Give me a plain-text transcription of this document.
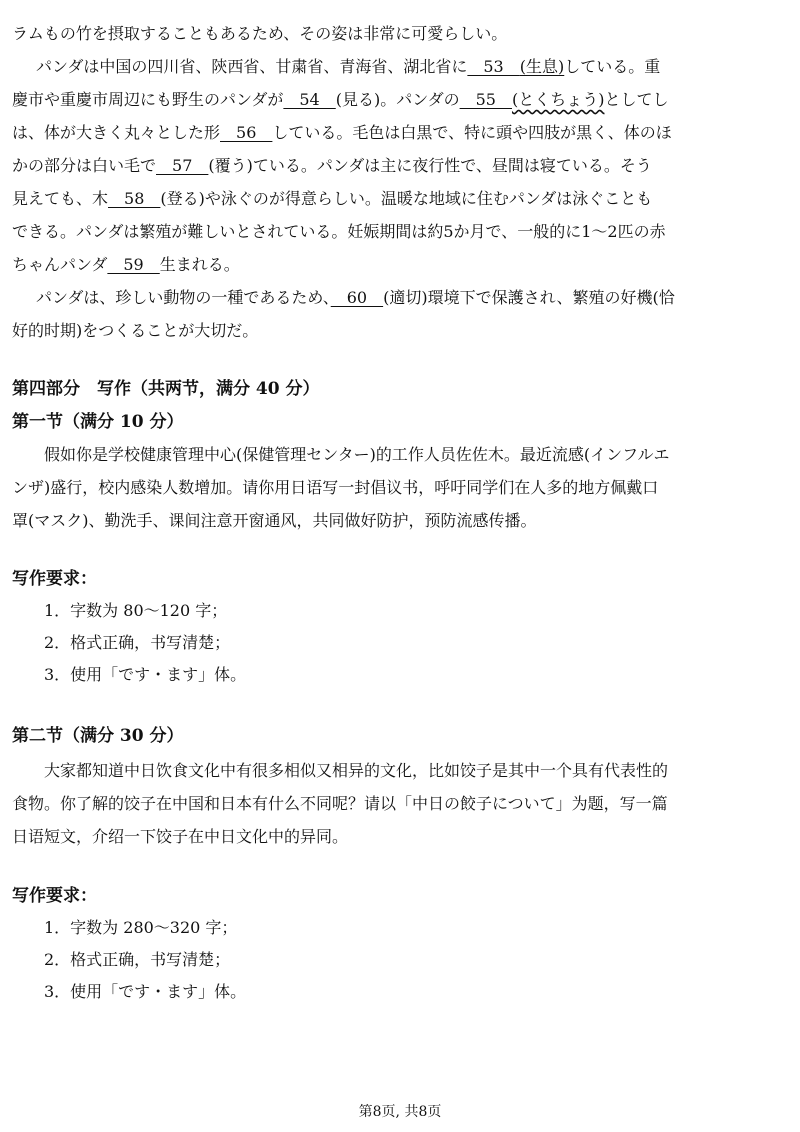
ラムもの竹を摂取することもあるため、その姿は非常に可愛らしい。
パンダは中国の四川省、陝西省、甘粛省、青海省、湖北省に　53　(生息)している。重
慶市や重慶市周辺にも野生のパンダが　54　(見る)。パンダの　55　(とくちょう)としてし
は、体が大きく丸々とした形　56　している。毛色は白黒で、特に頭や四肢が黒く、体のほ
かの部分は白い毛で　57　(覆う)ている。パンダは主に夜行性で、昼間は寝ている。そう
見えても、木　58　(登る)や泳ぐのが得意らしい。温暖な地域に住むパンダは泳ぐことも
できる。パンダは繁殖が難しいとされている。妊娠期間は約5か月で、一般的に1〜2匹の赤
ちゃんパンダ　59　生まれる。
パンダは、珍しい動物の一種であるため、　60　(適切)環境下で保護され、繁殖の好機(恰
好的时期)をつくることが大切だ。
第四部分　写作（共两节，满分 40 分）
第一节（满分 10 分）
假如你是学校健康管理中心(保健管理センター)的工作人员佐佐木。最近流感(インフルエ
ンザ)盛行，校内感染人数增加。请你用日语写一封倡议书，呼吁同学们在人多的地方佩戴口
罩(マスク)、勤洗手、课间注意开窗通风，共同做好防护，预防流感传播。
写作要求：
1．字数为 80～120 字；
2．格式正确，书写清楚；
3．使用「です・ます」体。
第二节（满分 30 分）
大家都知道中日饮食文化中有很多相似又相异的文化，比如饺子是其中一个具有代表性的
食物。你了解的饺子在中国和日本有什么不同呢？请以「中日の餃子について」为题，写一篇
日语短文，介绍一下饺子在中日文化中的异同。
写作要求：
1．字数为 280～320 字；
2．格式正确，书写清楚；
3．使用「です・ます」体。
第8页, 共8页
